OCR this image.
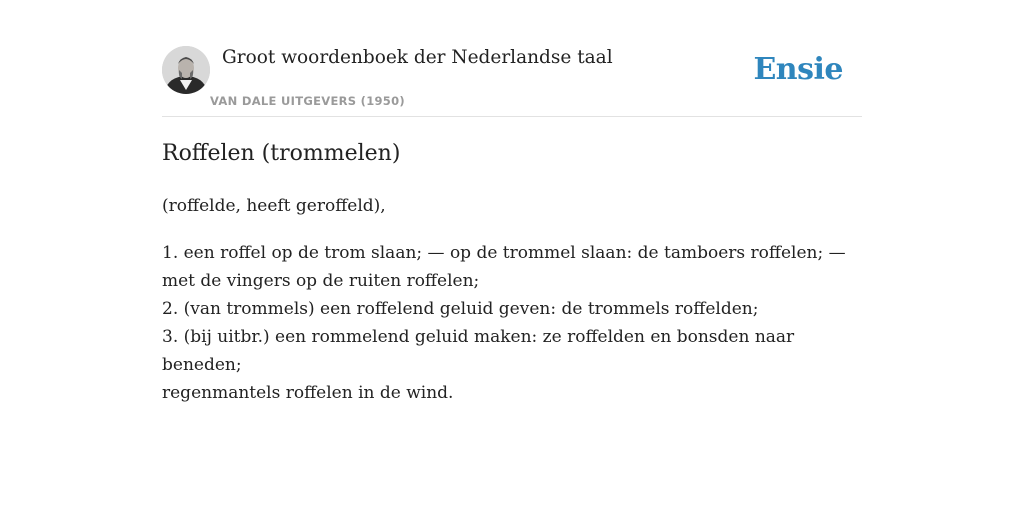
Groot woordenboek der Nederlandse taal
VAN DALE UITGEVERS (1950)
Ensie
Roffelen (trommelen)
(roffelde, heeft geroffeld),
1. een roffel op de trom slaan; — op de trommel slaan: de tamboers roffelen; —
met de vingers op de ruiten roffelen;
2. (van trommels) een roffelend geluid geven: de trommels roffelden;
3. (bij uitbr.) een rommelend geluid maken: ze roffelden en bonsden naar beneden;
regenmantels roffelen in de wind.
